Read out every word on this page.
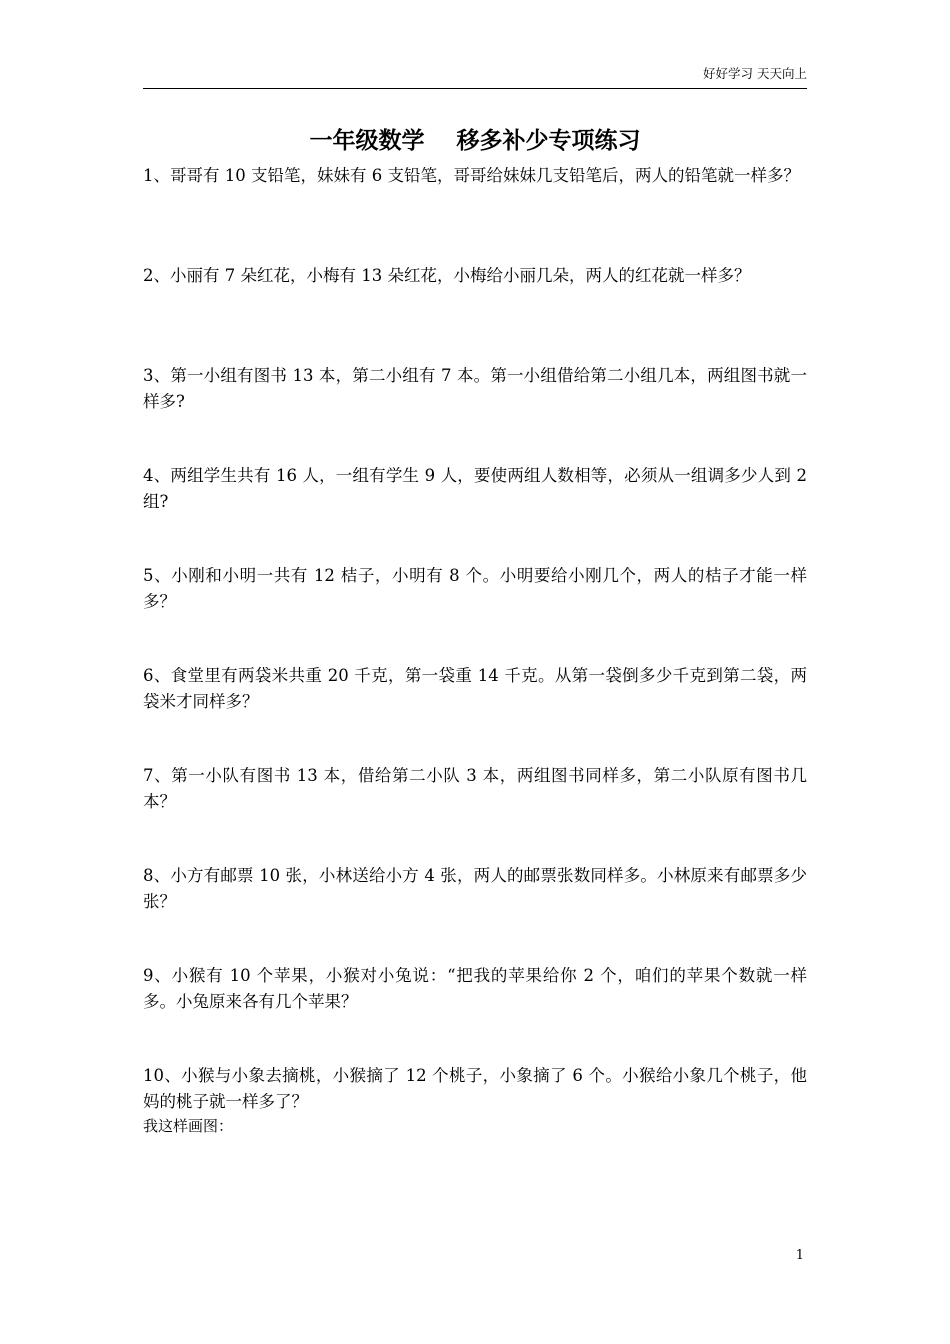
好好学习 天天向上
一年级数学    移多补少专项练习

1、哥哥有 10 支铅笔，妹妹有 6 支铅笔，哥哥给妹妹几支铅笔后，两人的铅笔就一样多？

2、小丽有 7 朵红花，小梅有 13 朵红花，小梅给小丽几朵，两人的红花就一样多？

3、第一小组有图书 13 本，第二小组有 7 本。第一小组借给第二小组几本，两组图书就一样多?

4、两组学生共有 16 人，一组有学生 9 人，要使两组人数相等，必须从一组调多少人到 2 组?

5、小刚和小明一共有 12 桔子，小明有 8 个。小明要给小刚几个，两人的桔子才能一样多？

6、食堂里有两袋米共重 20 千克，第一袋重 14 千克。从第一袋倒多少千克到第二袋，两袋米才同样多？

7、第一小队有图书 13 本，借给第二小队 3 本，两组图书同样多，第二小队原有图书几本？

8、小方有邮票 10 张，小林送给小方 4 张，两人的邮票张数同样多。小林原来有邮票多少张？

9、小猴有 10 个苹果，小猴对小兔说：“把我的苹果给你 2 个，咱们的苹果个数就一样多。小兔原来各有几个苹果？

10、小猴与小象去摘桃，小猴摘了 12 个桃子，小象摘了 6 个。小猴给小象几个桃子，他妈的桃子就一样多了？

我这样画图：

1
